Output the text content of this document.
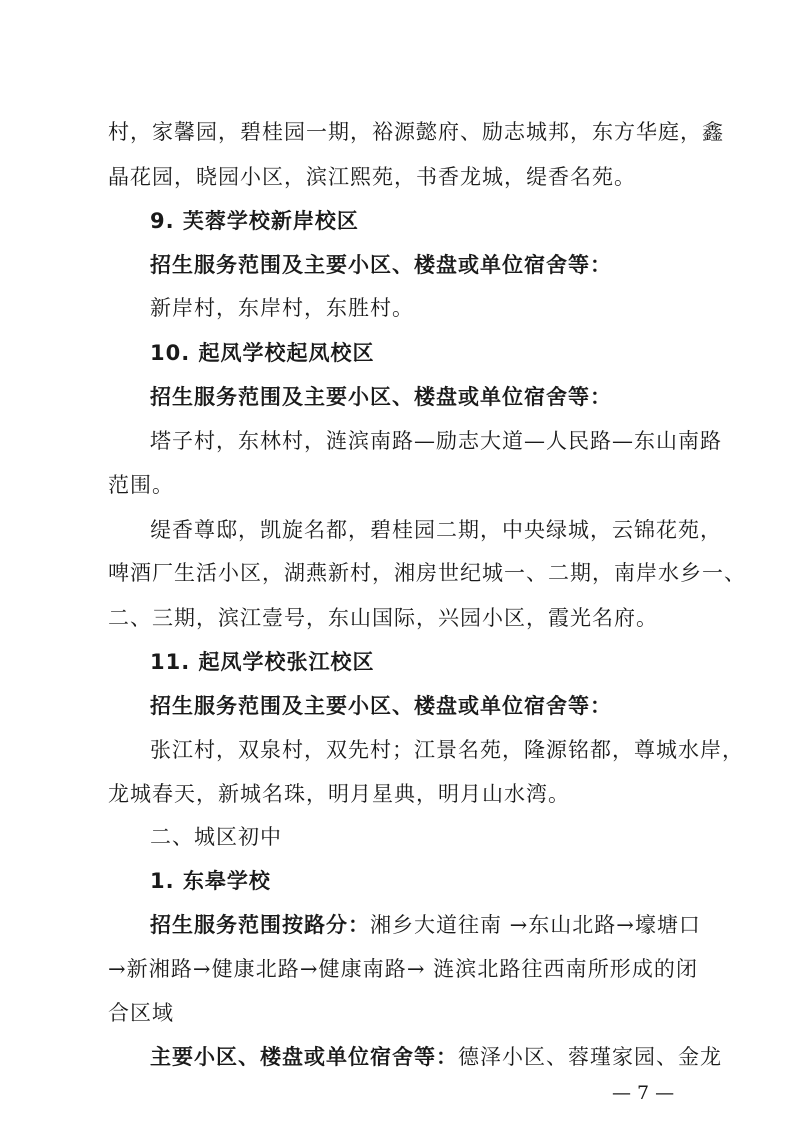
村，家馨园，碧桂园一期，裕源懿府、励志城邦，东方华庭，鑫
晶花园，晓园小区，滨江熙苑，书香龙城，缇香名苑。
9. 芙蓉学校新岸校区
招生服务范围及主要小区、楼盘或单位宿舍等：
新岸村，东岸村，东胜村。
10. 起凤学校起凤校区
招生服务范围及主要小区、楼盘或单位宿舍等：
塔子村，东林村，涟滨南路—励志大道—人民路—东山南路
范围。
缇香尊邸，凯旋名都，碧桂园二期，中央绿城，云锦花苑，
啤酒厂生活小区，湖燕新村，湘房世纪城一、二期，南岸水乡一、
二、三期，滨江壹号，东山国际，兴园小区，霞光名府。
11. 起凤学校张江校区
招生服务范围及主要小区、楼盘或单位宿舍等：
张江村，双泉村，双先村；江景名苑，隆源铭都，尊城水岸，
龙城春天，新城名珠，明月星典，明月山水湾。
二、城区初中
1. 东皋学校
招生服务范围按路分：湘乡大道往南 →东山北路→壕塘口
→新湘路→健康北路→健康南路→ 涟滨北路往西南所形成的闭
合区域
主要小区、楼盘或单位宿舍等：德泽小区、蓉瑾家园、金龙
— 7 —
